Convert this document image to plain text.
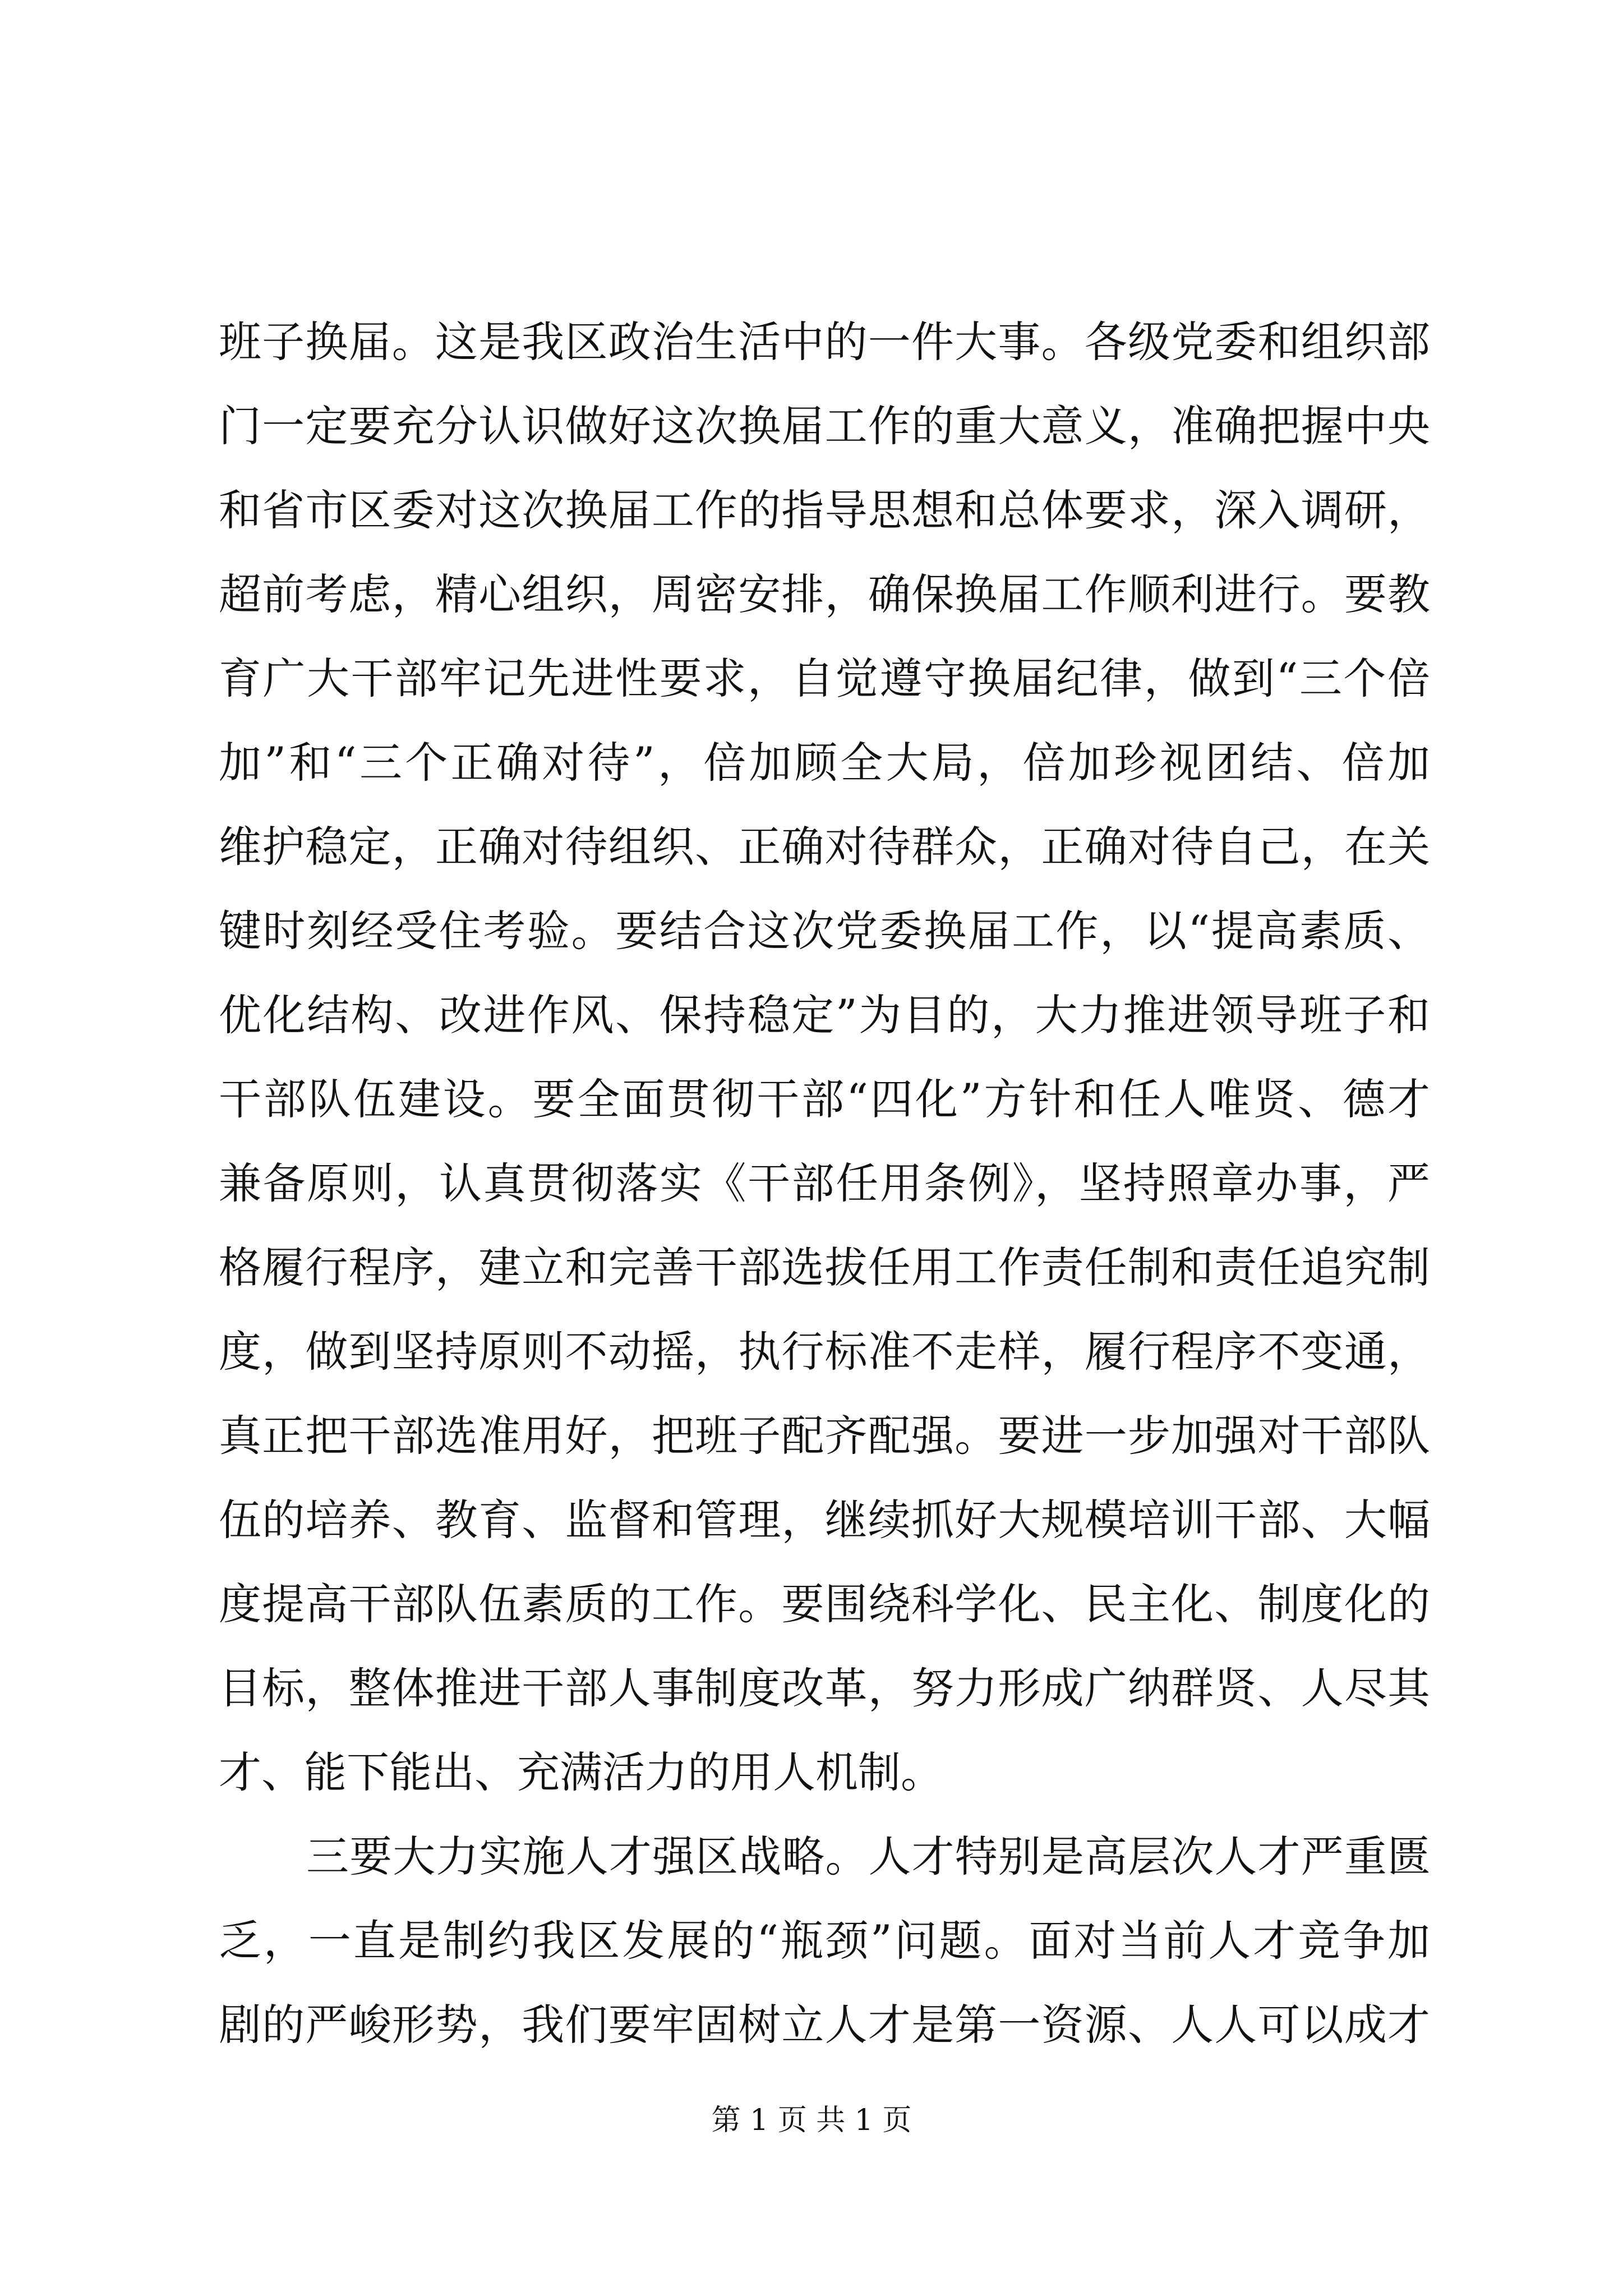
班子换届。这是我区政治生活中的一件大事。各级党委和组织部
门一定要充分认识做好这次换届工作的重大意义，准确把握中央
和省市区委对这次换届工作的指导思想和总体要求，深入调研，
超前考虑，精心组织，周密安排，确保换届工作顺利进行。要教
育广大干部牢记先进性要求，自觉遵守换届纪律，做到“三个倍
加”和“三个正确对待”，倍加顾全大局，倍加珍视团结、倍加
维护稳定，正确对待组织、正确对待群众，正确对待自己，在关
键时刻经受住考验。要结合这次党委换届工作，以“提高素质、
优化结构、改进作风、保持稳定”为目的，大力推进领导班子和
干部队伍建设。要全面贯彻干部“四化”方针和任人唯贤、德才
兼备原则，认真贯彻落实《干部任用条例》，坚持照章办事，严
格履行程序，建立和完善干部选拔任用工作责任制和责任追究制
度，做到坚持原则不动摇，执行标准不走样，履行程序不变通，
真正把干部选准用好，把班子配齐配强。要进一步加强对干部队
伍的培养、教育、监督和管理，继续抓好大规模培训干部、大幅
度提高干部队伍素质的工作。要围绕科学化、民主化、制度化的
目标，整体推进干部人事制度改革，努力形成广纳群贤、人尽其
才、能下能出、充满活力的用人机制。
三要大力实施人才强区战略。人才特别是高层次人才严重匮
乏，一直是制约我区发展的“瓶颈”问题。面对当前人才竞争加
剧的严峻形势，我们要牢固树立人才是第一资源、人人可以成才
第 1 页 共 1 页
